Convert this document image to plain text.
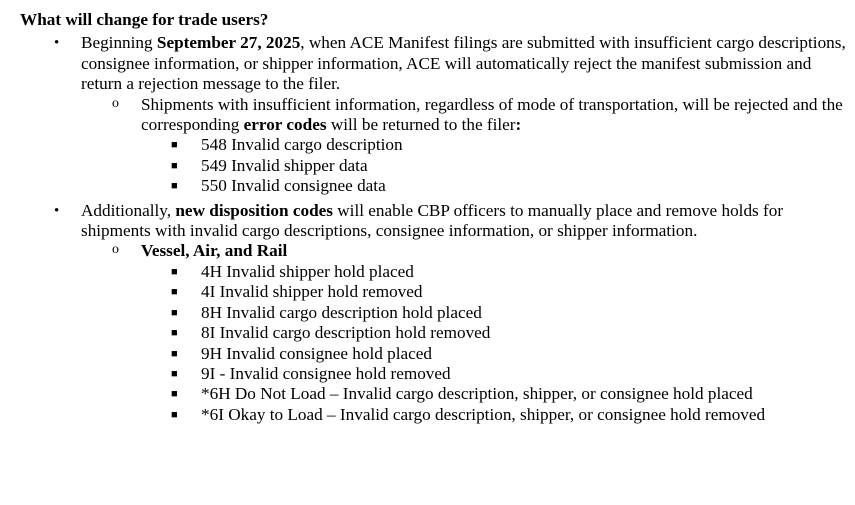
What will change for trade users?
• Beginning September 27, 2025, when ACE Manifest filings are submitted with insufficient cargo descriptions, consignee information, or shipper information, ACE will automatically reject the manifest submission and return a rejection message to the filer.
o Shipments with insufficient information, regardless of mode of transportation, will be rejected and the corresponding error codes will be returned to the filer:
■ 548 Invalid cargo description
■ 549 Invalid shipper data
■ 550 Invalid consignee data
• Additionally, new disposition codes will enable CBP officers to manually place and remove holds for shipments with invalid cargo descriptions, consignee information, or shipper information.
o Vessel, Air, and Rail
■ 4H Invalid shipper hold placed
■ 4I Invalid shipper hold removed
■ 8H Invalid cargo description hold placed
■ 8I Invalid cargo description hold removed
■ 9H Invalid consignee hold placed
■ 9I - Invalid consignee hold removed
■ *6H Do Not Load – Invalid cargo description, shipper, or consignee hold placed
■ *6I Okay to Load – Invalid cargo description, shipper, or consignee hold removed
